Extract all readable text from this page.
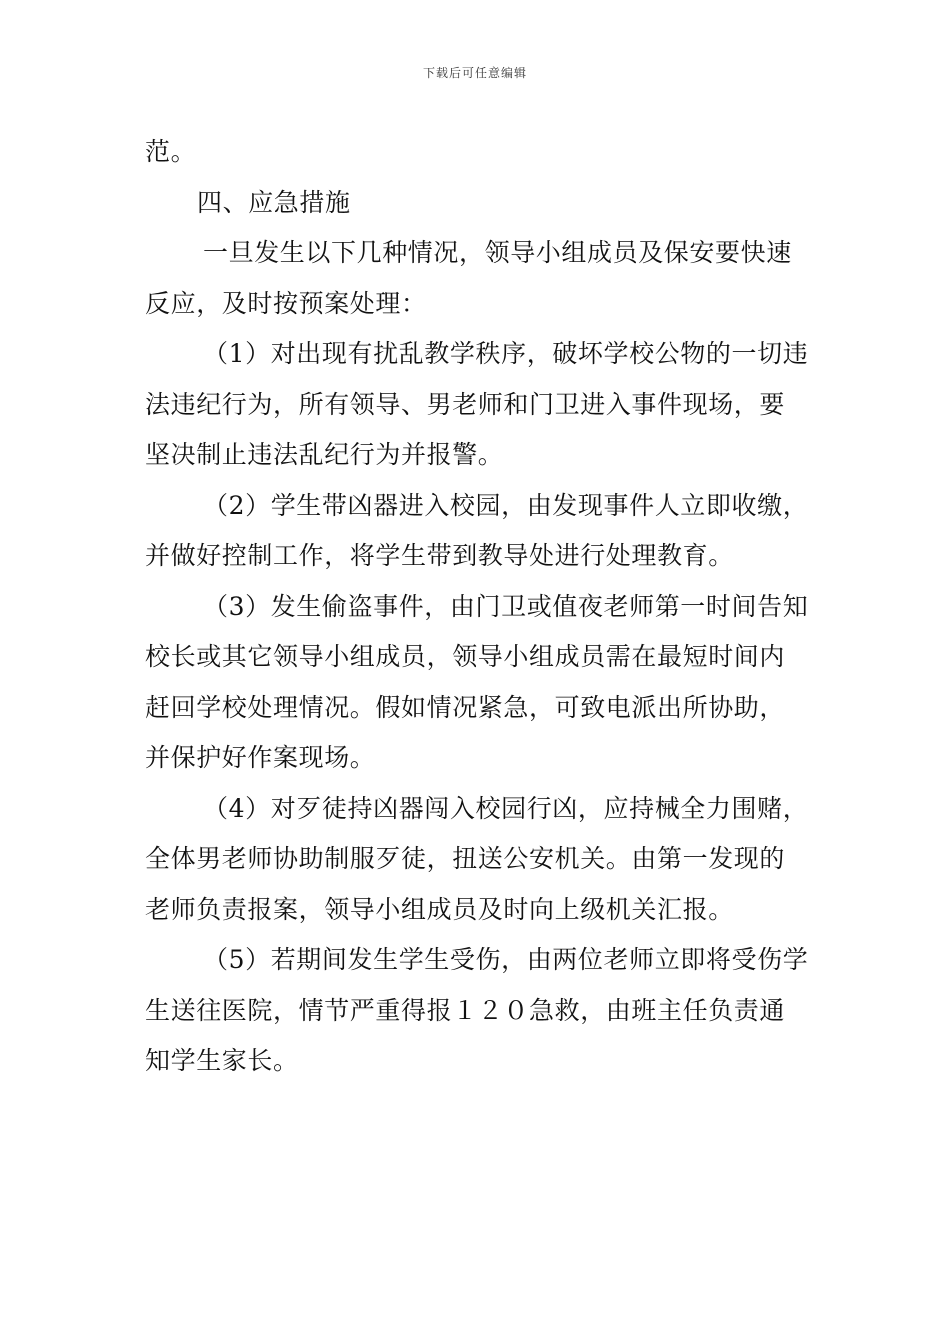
下载后可任意编辑
范。
四、应急措施
一旦发生以下几种情况，领导小组成员及保安要快速
反应，及时按预案处理：
（1）对出现有扰乱教学秩序，破坏学校公物的一切违
法违纪行为，所有领导、男老师和门卫进入事件现场，要
坚决制止违法乱纪行为并报警。
（2）学生带凶器进入校园，由发现事件人立即收缴，
并做好控制工作，将学生带到教导处进行处理教育。
（3）发生偷盗事件，由门卫或值夜老师第一时间告知
校长或其它领导小组成员，领导小组成员需在最短时间内
赶回学校处理情况。假如情况紧急，可致电派出所协助，
并保护好作案现场。
（4）对歹徒持凶器闯入校园行凶，应持械全力围赌，
全体男老师协助制服歹徒，扭送公安机关。由第一发现的
老师负责报案，领导小组成员及时向上级机关汇报。
（5）若期间发生学生受伤，由两位老师立即将受伤学
生送往医院，情节严重得报１２０急救，由班主任负责通
知学生家长。
